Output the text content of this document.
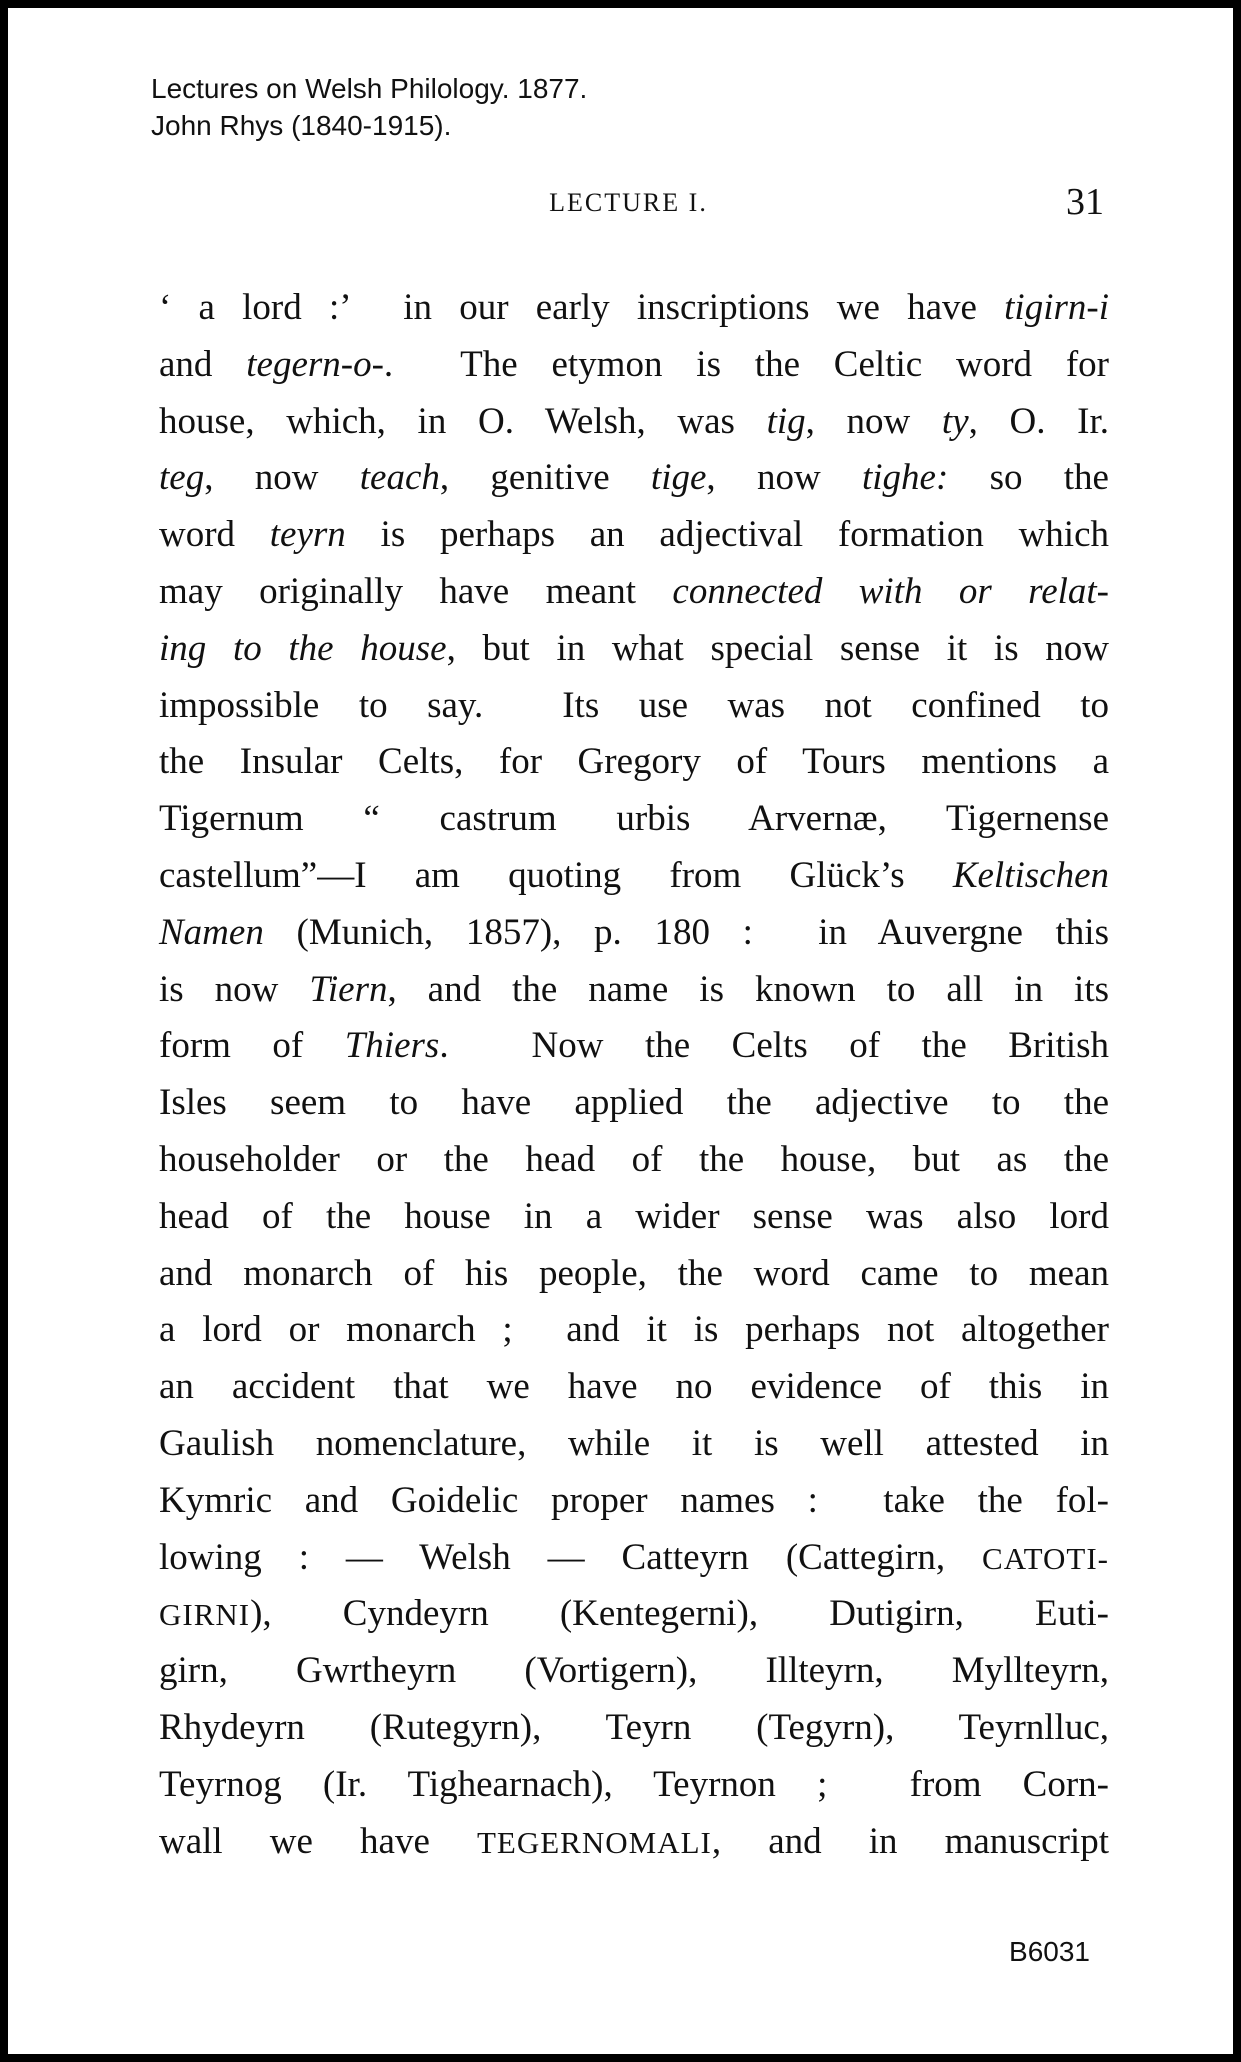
Lectures on Welsh Philology. 1877.
John Rhys (1840-1915).
LECTURE I.	31
‘ a lord :’  in our early inscriptions we have tigirn-i
and tegern-o-.  The etymon is the Celtic word for
house, which, in O. Welsh, was tig, now ty, O. Ir.
teg, now teach, genitive tige, now tighe: so the
word teyrn is perhaps an adjectival formation which
may originally have meant connected with or relat-
ing to the house, but in what special sense it is now
impossible to say.  Its use was not confined to
the Insular Celts, for Gregory of Tours mentions a
Tigernum “ castrum urbis Arvernæ, Tigernense
castellum”—I am quoting from Glück’s Keltischen
Namen (Munich, 1857), p. 180 :  in Auvergne this
is now Tiern, and the name is known to all in its
form of Thiers.  Now the Celts of the British
Isles seem to have applied the adjective to the
householder or the head of the house, but as the
head of the house in a wider sense was also lord
and monarch of his people, the word came to mean
a lord or monarch ;  and it is perhaps not altogether
an accident that we have no evidence of this in
Gaulish nomenclature, while it is well attested in
Kymric and Goidelic proper names :  take the fol-
lowing : — Welsh — Catteyrn (Cattegirn, CATOTI-
GIRNI), Cyndeyrn (Kentegerni), Dutigirn, Euti-
girn, Gwrtheyrn (Vortigern), Illteyrn, Myllteyrn,
Rhydeyrn (Rutegyrn), Teyrn (Tegyrn), Teyrnlluc,
Teyrnog (Ir. Tighearnach), Teyrnon ;  from Corn-
wall we have TEGERNOMALI, and in manuscript
B6031
